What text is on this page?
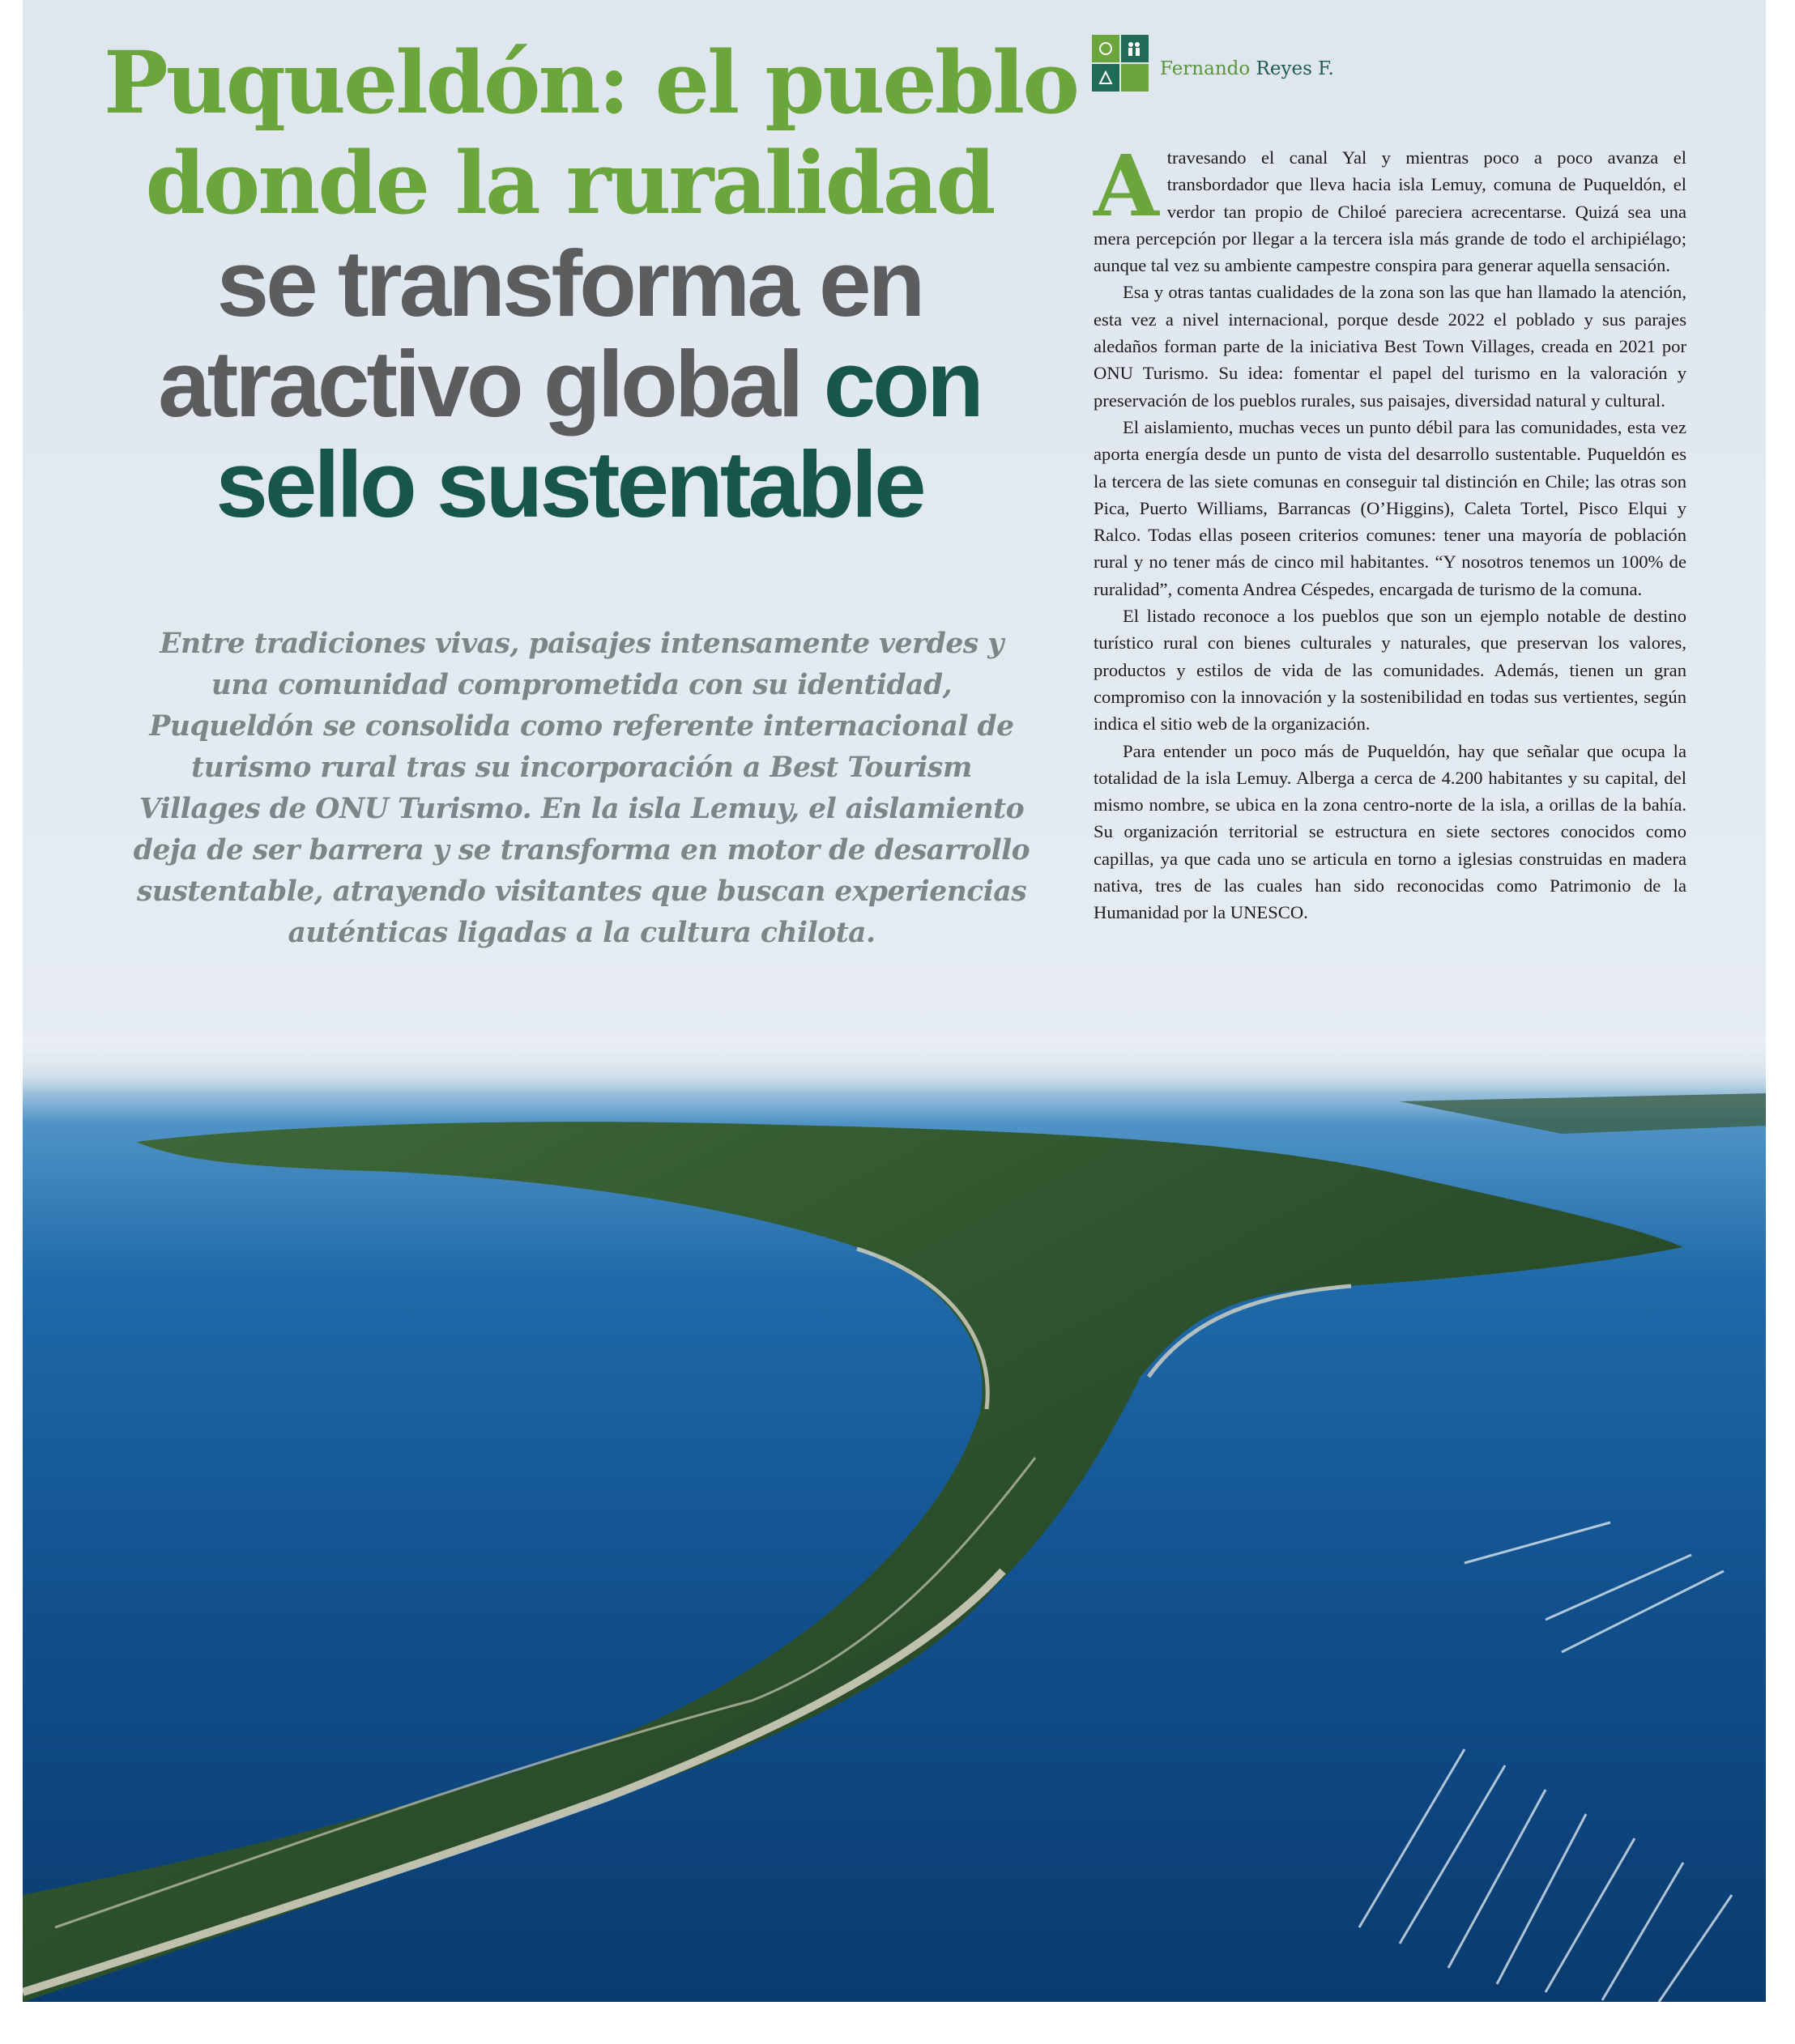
Puqueldón: el pueblo
donde la ruralidad
se transforma en
atractivo global con
sello sustentable

Entre tradiciones vivas, paisajes intensamente verdes y una comunidad comprometida con su identidad, Puqueldón se consolida como referente internacional de turismo rural tras su incorporación a Best Tourism Villages de ONU Turismo. En la isla Lemuy, el aislamiento deja de ser barrera y se transforma en motor de desarrollo sustentable, atrayendo visitantes que buscan experiencias auténticas ligadas a la cultura chilota.

Fernando Reyes F.

Atravesando el canal Yal y mientras poco a poco avanza el transbordador que lleva hacia isla Lemuy, comuna de Puqueldón, el verdor tan propio de Chiloé pareciera acrecentarse. Quizá sea una mera percepción por llegar a la tercera isla más grande de todo el archipiélago; aunque tal vez su ambiente campestre conspira para generar aquella sensación.

Esa y otras tantas cualidades de la zona son las que han llamado la atención, esta vez a nivel internacional, porque desde 2022 el poblado y sus parajes aledaños forman parte de la iniciativa Best Town Villages, creada en 2021 por ONU Turismo. Su idea: fomentar el papel del turismo en la valoración y preservación de los pueblos rurales, sus paisajes, diversidad natural y cultural.

El aislamiento, muchas veces un punto débil para las comunidades, esta vez aporta energía desde un punto de vista del desarrollo sustentable. Puqueldón es la tercera de las siete comunas en conseguir tal distinción en Chile; las otras son Pica, Puerto Williams, Barrancas (O’Higgins), Caleta Tortel, Pisco Elqui y Ralco. Todas ellas poseen criterios comunes: tener una mayoría de población rural y no tener más de cinco mil habitantes. “Y nosotros tenemos un 100% de ruralidad”, comenta Andrea Céspedes, encargada de turismo de la comuna.

El listado reconoce a los pueblos que son un ejemplo notable de destino turístico rural con bienes culturales y naturales, que preservan los valores, productos y estilos de vida de las comunidades. Además, tienen un gran compromiso con la innovación y la sostenibilidad en todas sus vertientes, según indica el sitio web de la organización.

Para entender un poco más de Puqueldón, hay que señalar que ocupa la totalidad de la isla Lemuy. Alberga a cerca de 4.200 habitantes y su capital, del mismo nombre, se ubica en la zona centro-norte de la isla, a orillas de la bahía. Su organización territorial se estructura en siete sectores conocidos como capillas, ya que cada uno se articula en torno a iglesias construidas en madera nativa, tres de las cuales han sido reconocidas como Patrimonio de la Humanidad por la UNESCO.
